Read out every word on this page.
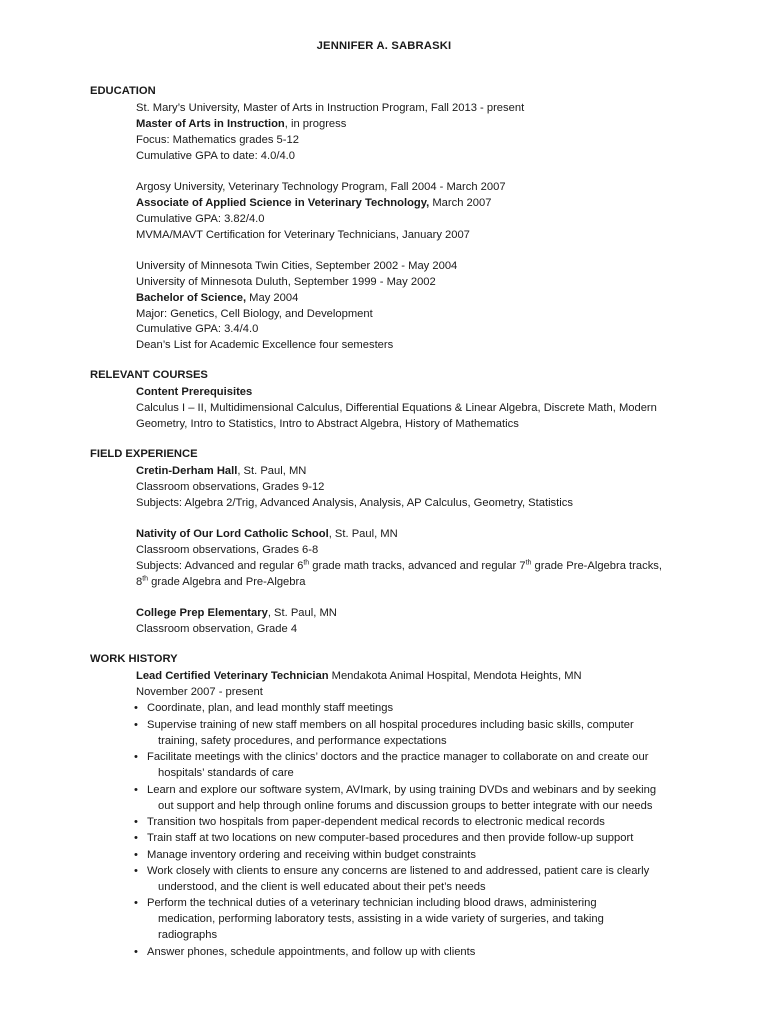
JENNIFER A. SABRASKI
EDUCATION
St. Mary’s University, Master of Arts in Instruction Program, Fall 2013 - present
Master of Arts in Instruction, in progress
Focus: Mathematics grades 5-12
Cumulative GPA to date: 4.0/4.0
Argosy University, Veterinary Technology Program, Fall 2004 - March 2007
Associate of Applied Science in Veterinary Technology, March 2007
Cumulative GPA: 3.82/4.0
MVMA/MAVT Certification for Veterinary Technicians, January 2007
University of Minnesota Twin Cities, September 2002 - May 2004
University of Minnesota Duluth, September 1999 - May 2002
Bachelor of Science, May 2004
Major: Genetics, Cell Biology, and Development
Cumulative GPA: 3.4/4.0
Dean’s List for Academic Excellence four semesters
RELEVANT COURSES
Content Prerequisites
Calculus I – II, Multidimensional Calculus, Differential Equations & Linear Algebra, Discrete Math, Modern
Geometry, Intro to Statistics, Intro to Abstract Algebra, History of Mathematics
FIELD EXPERIENCE
Cretin-Derham Hall, St. Paul, MN
Classroom observations, Grades 9-12
Subjects: Algebra 2/Trig, Advanced Analysis, Analysis, AP Calculus, Geometry, Statistics
Nativity of Our Lord Catholic School, St. Paul, MN
Classroom observations, Grades 6-8
Subjects: Advanced and regular 6th grade math tracks, advanced and regular 7th grade Pre-Algebra tracks,
8th grade Algebra and Pre-Algebra
College Prep Elementary, St. Paul, MN
Classroom observation, Grade 4
WORK HISTORY
Lead Certified Veterinary Technician Mendakota Animal Hospital, Mendota Heights, MN
November 2007 - present
• Coordinate, plan, and lead monthly staff meetings
• Supervise training of new staff members on all hospital procedures including basic skills, computer
training, safety procedures, and performance expectations
• Facilitate meetings with the clinics’ doctors and the practice manager to collaborate on and create our
hospitals’ standards of care
• Learn and explore our software system, AVImark, by using training DVDs and webinars and by seeking
out support and help through online forums and discussion groups to better integrate with our needs
• Transition two hospitals from paper-dependent medical records to electronic medical records
• Train staff at two locations on new computer-based procedures and then provide follow-up support
• Manage inventory ordering and receiving within budget constraints
• Work closely with clients to ensure any concerns are listened to and addressed, patient care is clearly
understood, and the client is well educated about their pet’s needs
• Perform the technical duties of a veterinary technician including blood draws, administering
medication, performing laboratory tests, assisting in a wide variety of surgeries, and taking
radiographs
• Answer phones, schedule appointments, and follow up with clients
